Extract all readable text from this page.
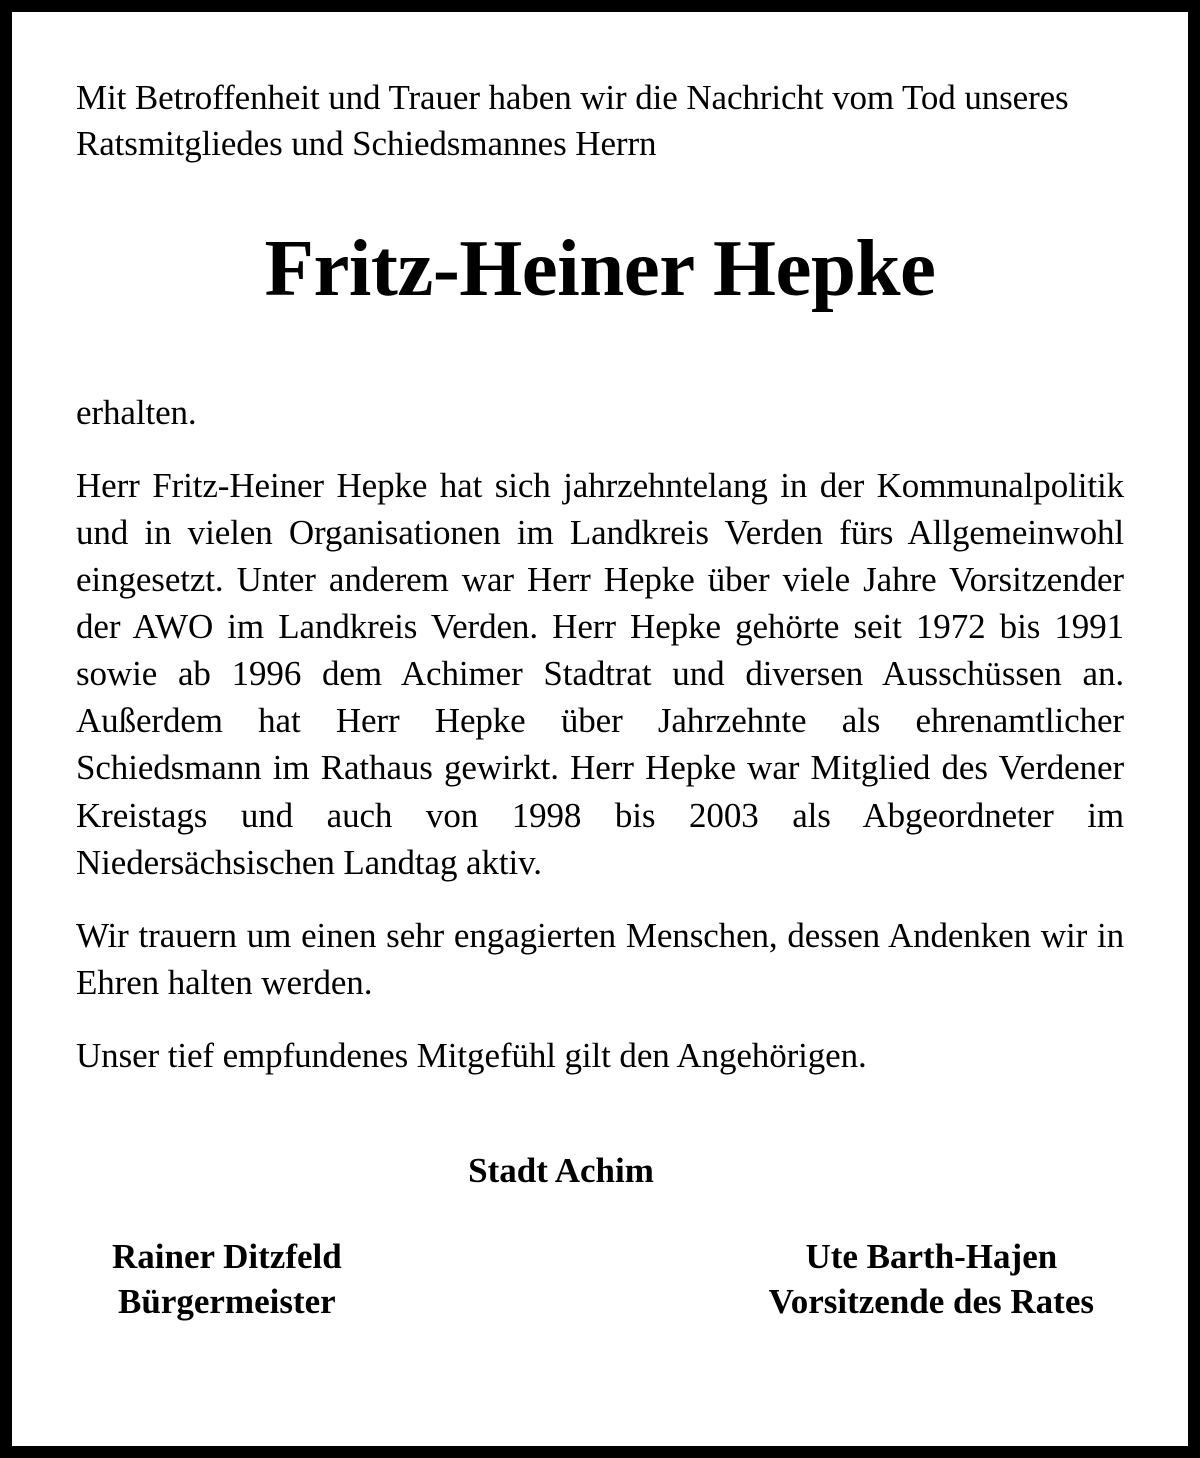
Mit Betroffenheit und Trauer haben wir die Nachricht vom Tod unseres Ratsmitgliedes und Schiedsmannes Herrn

Fritz-Heiner Hepke

erhalten.

Herr Fritz-Heiner Hepke hat sich jahrzehntelang in der Kommunalpolitik und in vielen Organisationen im Landkreis Verden fürs Allgemeinwohl eingesetzt. Unter anderem war Herr Hepke über viele Jahre Vorsitzender der AWO im Landkreis Verden. Herr Hepke gehörte seit 1972 bis 1991 sowie ab 1996 dem Achimer Stadtrat und diversen Ausschüssen an. Außerdem hat Herr Hepke über Jahrzehnte als ehrenamtlicher Schiedsmann im Rathaus gewirkt. Herr Hepke war Mitglied des Verdener Kreistags und auch von 1998 bis 2003 als Abgeordneter im Niedersächsischen Landtag aktiv.

Wir trauern um einen sehr engagierten Menschen, dessen Andenken wir in Ehren halten werden.

Unser tief empfundenes Mitgefühl gilt den Angehörigen.

Stadt Achim
Rainer Ditzfeld
Bürgermeister
Ute Barth-Hajen
Vorsitzende des Rates
